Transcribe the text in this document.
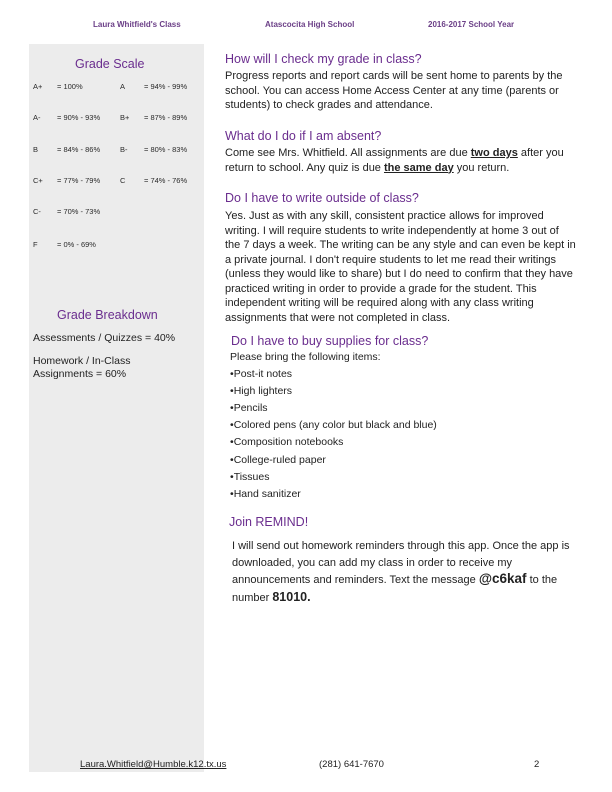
Laura Whitfield's Class	Atascocita High School	2016-2017 School Year
Grade Scale
A+ = 100%	A	= 94% - 99%
A- = 90% - 93%	B+ = 87% - 89%
B	= 84% - 86%	B- = 80% - 83%
C+ = 77% - 79%	C = 74% - 76%
C- = 70% - 73%
F	= 0% - 69%
Grade Breakdown
Assessments / Quizzes = 40%
Homework / In-Class Assignments = 60%
How will I check my grade in class?
Progress reports and report cards will be sent home to parents by the school. You can access Home Access Center at any time (parents or students) to check grades and attendance.
What do I do if I am absent?
Come see Mrs. Whitfield. All assignments are due two days after you return to school. Any quiz is due the same day you return.
Do I have to write outside of class?
Yes. Just as with any skill, consistent practice allows for improved writing. I will require students to write independently at home 3 out of the 7 days a week. The writing can be any style and can even be kept in a private journal. I don't require students to let me read their writings (unless they would like to share) but I do need to confirm that they have practiced writing in order to provide a grade for the student. This independent writing will be required along with any class writing assignments that were not completed in class.
Do I have to buy supplies for class?
Please bring the following items:
•Post-it notes
•High lighters
•Pencils
•Colored pens (any color but black and blue)
•Composition notebooks
•College-ruled paper
•Tissues
•Hand sanitizer
Join REMIND!
I will send out homework reminders through this app. Once the app is downloaded, you can add my class in order to receive my announcements and reminders. Text the message @c6kaf to the number 81010.
Laura.Whitfield@Humble.k12.tx.us	(281) 641-7670	2
